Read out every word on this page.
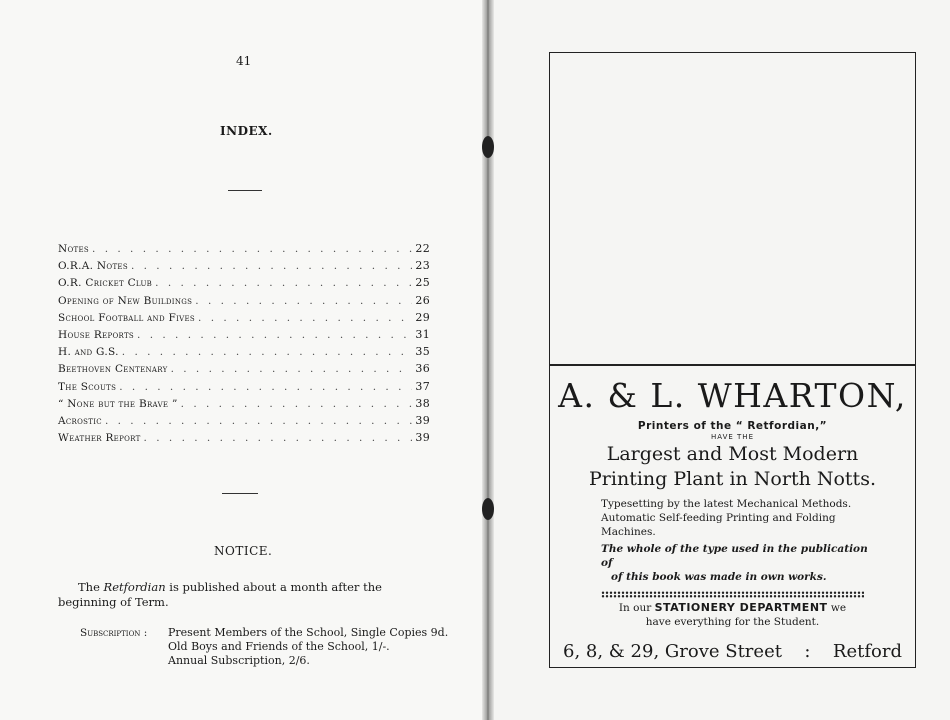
41
INDEX.
Notes . . .	22
O.R.A. Notes . . .	23
O.R. Cricket Club . . .	25
Opening of New Buildings . . .	26
School Football and Fives . . .	29
House Reports . . .	31
H. and G.S. . . .	35
Beethoven Centenary . . .	36
The Scouts . . .	37
“ None but the Brave ” . . .	38
Acrostic . . .	39
Weather Report . . .	39
NOTICE.
The Retfordian is published about a month after the beginning of Term.
Subscription : Present Members of the School, Single Copies 9d.
Old Boys and Friends of the School, 1/-.
Annual Subscription, 2/6.
A. & L. WHARTON,
Printers of the “ Retfordian,”
HAVE THE
Largest and Most Modern
Printing Plant in North Notts.
Typesetting by the latest Mechanical Methods.
Automatic Self-feeding Printing and Folding
Machines.
The whole of the type used in the publication of
of this book was made in own works.
In our STATIONERY DEPARTMENT we
have everything for the Student.
6, 8, & 29, Grove Street : Retford
